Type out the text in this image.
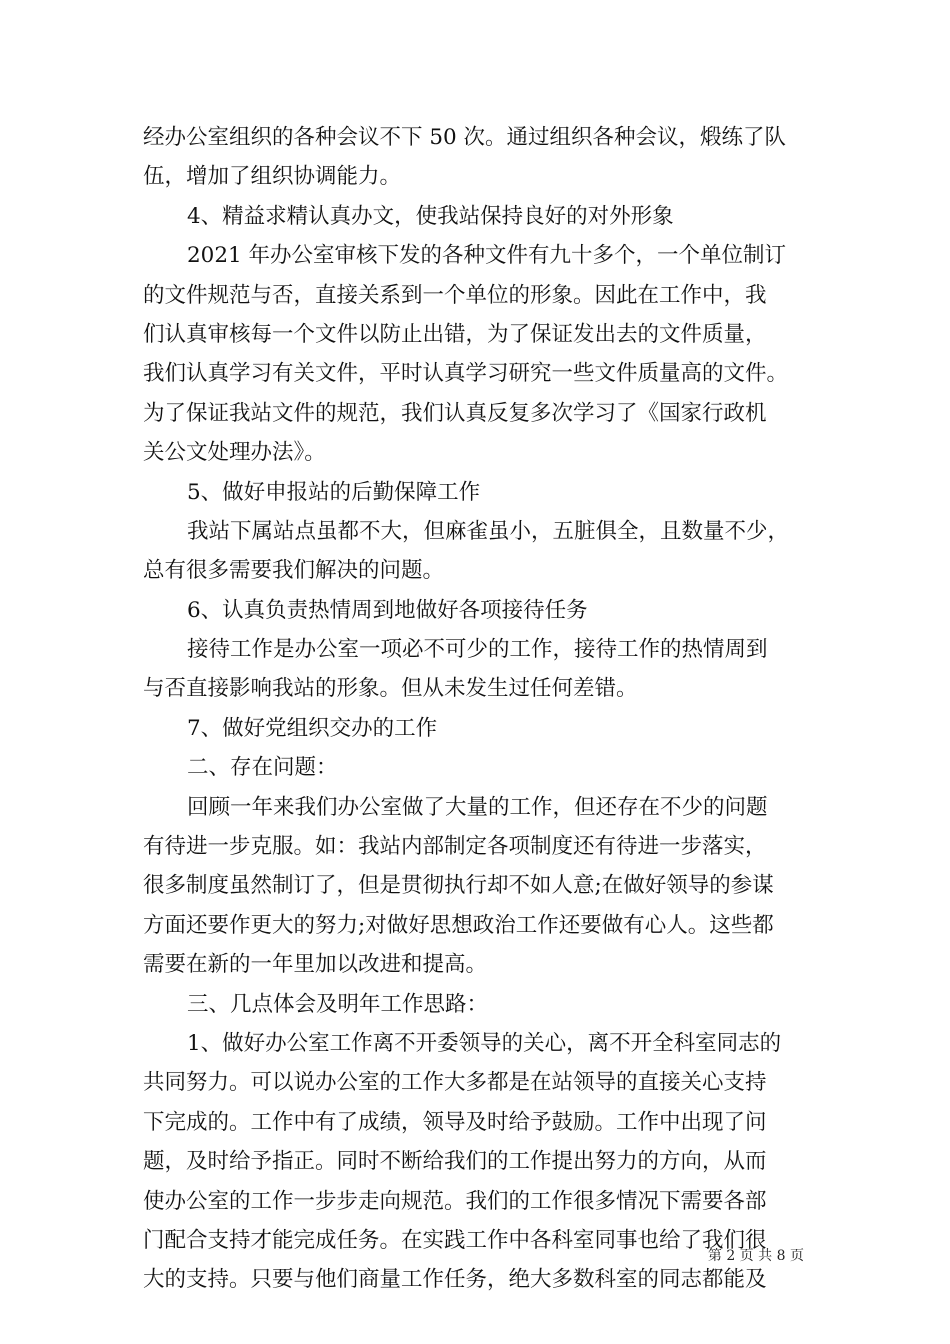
经办公室组织的各种会议不下 50 次。通过组织各种会议，煅练了队
伍，增加了组织协调能力。
4、精益求精认真办文，使我站保持良好的对外形象
2021 年办公室审核下发的各种文件有九十多个，一个单位制订
的文件规范与否，直接关系到一个单位的形象。因此在工作中，我
们认真审核每一个文件以防止出错，为了保证发出去的文件质量，
我们认真学习有关文件，平时认真学习研究一些文件质量高的文件。
为了保证我站文件的规范，我们认真反复多次学习了《国家行政机
关公文处理办法》。
5、做好申报站的后勤保障工作
我站下属站点虽都不大，但麻雀虽小，五脏俱全，且数量不少，
总有很多需要我们解决的问题。
6、认真负责热情周到地做好各项接待任务
接待工作是办公室一项必不可少的工作，接待工作的热情周到
与否直接影响我站的形象。但从未发生过任何差错。
7、做好党组织交办的工作
二、存在问题：
回顾一年来我们办公室做了大量的工作，但还存在不少的问题
有待进一步克服。如：我站内部制定各项制度还有待进一步落实，
很多制度虽然制订了，但是贯彻执行却不如人意;在做好领导的参谋
方面还要作更大的努力;对做好思想政治工作还要做有心人。这些都
需要在新的一年里加以改进和提高。
三、几点体会及明年工作思路：
1、做好办公室工作离不开委领导的关心，离不开全科室同志的
共同努力。可以说办公室的工作大多都是在站领导的直接关心支持
下完成的。工作中有了成绩，领导及时给予鼓励。工作中出现了问
题，及时给予指正。同时不断给我们的工作提出努力的方向，从而
使办公室的工作一步步走向规范。我们的工作很多情况下需要各部
门配合支持才能完成任务。在实践工作中各科室同事也给了我们很
大的支持。只要与他们商量工作任务，绝大多数科室的同志都能及
第 2 页 共 8 页
